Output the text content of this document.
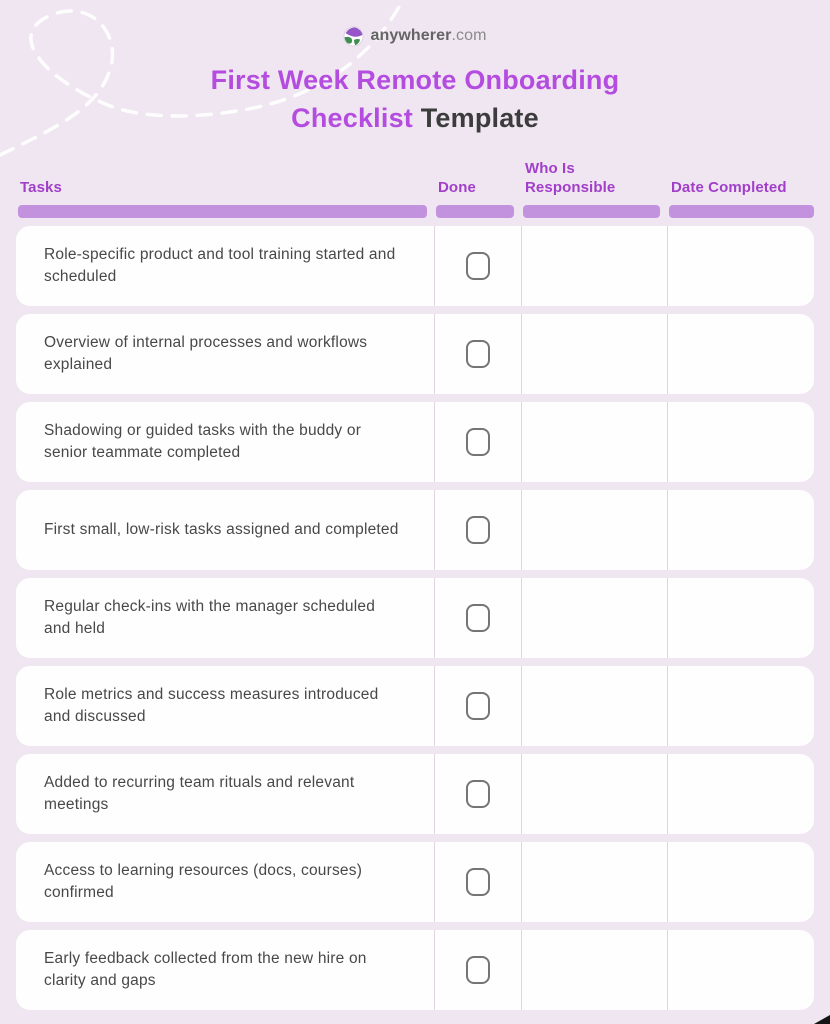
anywherer.com
First Week Remote Onboarding
Checklist Template
Tasks	Done
Who Is Responsible	Date Completed
Role-specific product and tool training started and scheduled
Overview of internal processes and workflows explained
Shadowing or guided tasks with the buddy or senior teammate completed
First small, low-risk tasks assigned and completed
Regular check-ins with the manager scheduled and held
Role metrics and success measures introduced and discussed
Added to recurring team rituals and relevant meetings
Access to learning resources (docs, courses) confirmed
Early feedback collected from the new hire on clarity and gaps
